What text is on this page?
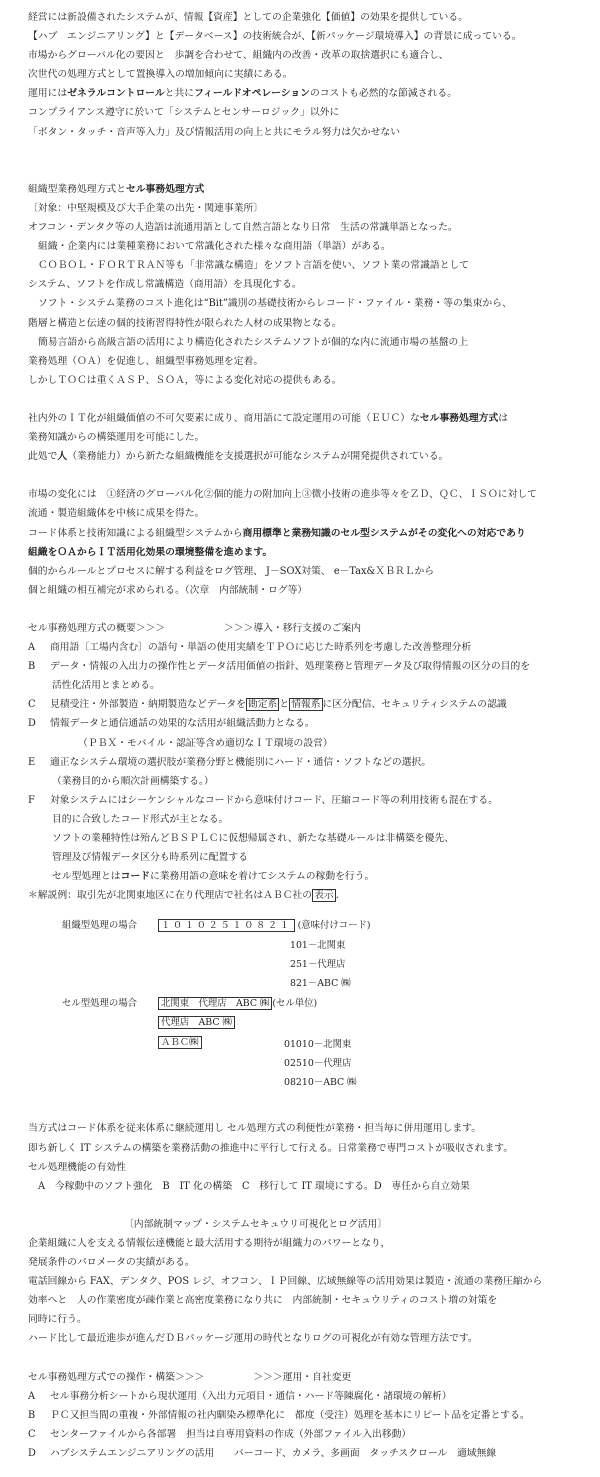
経営には新設備されたシステムが、情報【資産】としての企業強化【価値】の効果を提供している。
【ハブ　エンジニアリング】と【データベース】の技術統合が、【新パッケージ環境導入】の背景に成っている。
市場からグローバル化の要因と　歩調を合わせて、組織内の改善・改革の取捨選択にも適合し、
次世代の処理方式として置換導入の増加傾向に実績にある。
運用にはゼネラルコントロールと共にフィールドオペレーションのコストも必然的な節減される。
コンプライアンス遵守に於いて「システムとセンサーロジック」以外に
「ボタン・タッチ・音声等入力」及び情報活用の向上と共にモラル努力は欠かせない
組織型業務処理方式とセル事務処理方式
〔対象：中堅規模及び大手企業の出先・関連事業所〕
オフコン・デンタク等の人造語は流通用語として自然言語となり日常　生活の常識単語となった。
組織・企業内には業種業務において常識化された様々な商用語（単語）がある。
ＣＯＢＯＬ・ＦＯＲＴＲＡＮ等も「非常識な構造」をソフト言語を使い、ソフト業の常識語として
システム、ソフトを作成し常識構造（商用語）を具現化する。
ソフト・システム業務のコスト進化は“Bit”識別の基礎技術からレコード・ファイル・業務・等の集束から、
階層と構造と伝達の個的技術習得特性が限られた人材の成果物となる。
簡易言語から高級言語の活用により構造化されたシステムソフトが個的な内に流通市場の基盤の上
業務処理（ＯＡ）を促進し、組織型事務処理を定着。
しかしＴＯＣは重くＡＳＰ、ＳＯＡ，等による変化対応の提供もある。
社内外のＩＴ化が組織価値の不可欠要素に成り、商用語にて設定運用の可能（ＥＵＣ）なセル事務処理方式は
業務知識からの構築運用を可能にした。
此処で人（業務能力）から新たな組織機能を支援選択が可能なシステムが開発提供されている。
市場の変化には　①経済のグローバル化②個的能力の附加向上③微小技術の進歩等々をＺＤ、ＱＣ、ＩＳＯに対して
流通・製造組織体を中核に成果を得た。
コード体系と技術知識による組織型システムから商用標準と業務知識のセル型システムがその変化への対応であり
組織をＯＡからＩＴ活用化効果の環境整備を進めます。
個的からルールとプロセスに解する利益をログ管理、 J－SOX対策、 e－Tax&ＸＢＲＬから
個と組織の相互補完が求められる。（次章　内部統制・ログ等）
セル事務処理方式の概要＞＞＞　　　　　　＞＞＞導入・移行支援のご案内
A 商用語〔工場内含む〕の語句・単語の使用実績をＴＰＯに応じた時系列を考慮した改善整理分析
B データ・情報の入出力の操作性とデータ活用価値の指針、処理業務と管理データ及び取得情報の区分の目的を
活性化活用とまとめる。
C 見積受注・外部製造・納期製造などデータを 勘定系 と 情報系 に区分配信、セキュリティシステムの認識
D 情報データと通信通話の効果的な活用が組織活動力となる。
（ＰＢＸ・モバイル・認証等含め適切なＩＴ環境の設営）
E 適正なシステム環境の選択肢が業務分野と機能別にハード・通信・ソフトなどの選択。
（業務目的から順次計画構築する。）
F 対象システムにはシーケンシャルなコードから意味付けコード、圧縮コード等の利用技術も混在する。
目的に合致したコード形式が主となる。
ソフトの業種特性は殆んどＢＳＰＬＣに仮想帰属され、新たな基礎ルールは非構築を優先、
管理及び情報データ区分も時系列に配置する
セル型処理とはコードに業務用語の意味を着けてシステムの稼動を行う。
＊解説例：取引先が北関東地区に在り代理店で社名はＡＢＣ社の 表示 .
組織型処理の場合	１０１０２５１０８２１ (意味付けコード)
101－北関東
251－代理店
821－ABC ㈱
セル型処理の場合	北関東　代理店　ABC ㈱ (セル単位)
代理店　ABC ㈱
ＡＢＣ㈱	01010－北関東
02510－代理店
08210－ABC ㈱
当方式はコード体系を従来体系に継続運用し セル処理方式の利便性が業務・担当毎に併用運用します。
即ち新しく IT システムの構築を業務活動の推進中に平行して行える。日常業務で専門コストが吸収されます。
セル処理機能の有効性
A　今稼動中のソフト強化　B　IT 化の構築　C　移行して IT 環境にする。D　専任から自立効果
〔内部統制マップ・システムセキュウリ可視化とログ活用〕
企業組織に人を支える情報伝達機能と最大活用する期待が組織力のパワーとなり，
発展条件のパロメータの実績がある。
電話回線から FAX、デンタク、POS レジ、オフコン、ＩＰ回線、広域無線等の活用効果は製造・流通の業務圧縮から
効率へと　人の作業密度が疎作業と高密度業務になり共に　内部統制・セキュウリティのコスト増の対策を
同時に行う。
ハード比して最近進歩が進んだＤＢパッケージ運用の時代となりログの可視化が有効な管理方法です。
セル事務処理方式での操作・構築＞＞＞　　　　　＞＞＞運用・自社変更
A セル事務分析シートから現状運用（入出力元項目・通信・ハード等陳腐化・諸環境の解析）
B ＰＣ又担当間の重複・外部情報の社内馴染み標準化に　都度（受注）処理を基本にリピート品を定番とする。
C センターファイルから各部署　担当は自専用資料の作成（外部ファイル入出移動）
D ハブシステムエンジニアリングの活用　　バーコード、カメラ、多画面　タッチスクロール　適域無線
